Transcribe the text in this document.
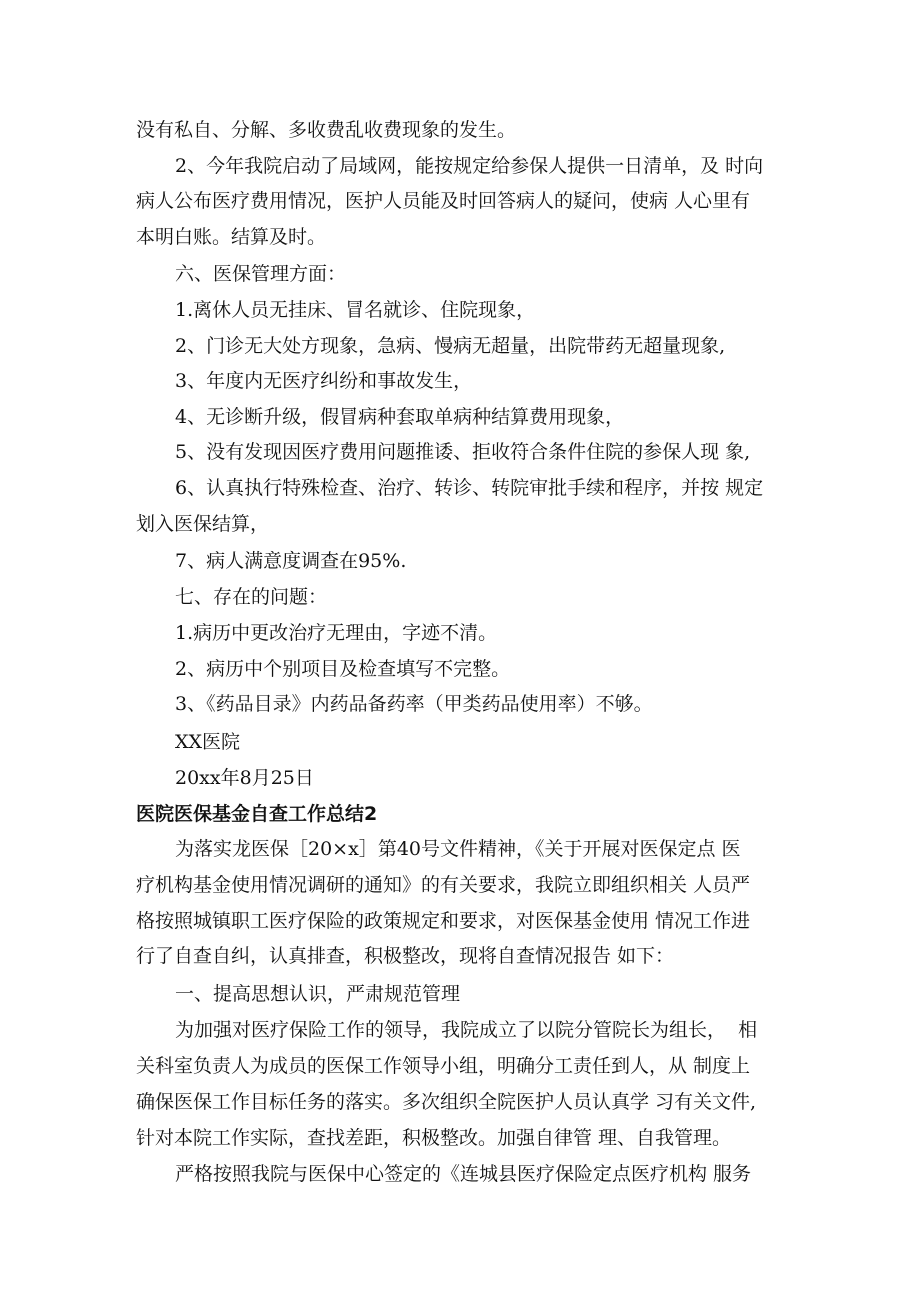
没有私自、分解、多收费乱收费现象的发生。
2、今年我院启动了局域网，能按规定给参保人提供一日清单，及 时向
病人公布医疗费用情况，医护人员能及时回答病人的疑问，使病 人心里有
本明白账。结算及时。
六、医保管理方面：
1.离休人员无挂床、冒名就诊、住院现象，
2、门诊无大处方现象，急病、慢病无超量，出院带药无超量现象,
3、年度内无医疗纠纷和事故发生，
4、无诊断升级，假冒病种套取单病种结算费用现象，
5、没有发现因医疗费用问题推诿、拒收符合条件住院的参保人现 象,
6、认真执行特殊检查、治疗、转诊、转院审批手续和程序，并按 规定
划入医保结算，
7、病人满意度调查在95%.
七、存在的问题：
1.病历中更改治疗无理由，字迹不清。
2、病历中个别项目及检查填写不完整。
3、《药品目录》内药品备药率（甲类药品使用率）不够。
XX医院
20xx年8月25日
医院医保基金自查工作总结2
为落实龙医保［20×x］第40号文件精神，《关于开展对医保定点 医
疗机构基金使用情况调研的通知》的有关要求，我院立即组织相关 人员严
格按照城镇职工医疗保险的政策规定和要求，对医保基金使用 情况工作进
行了自查自纠，认真排查，积极整改，现将自查情况报告 如下：
一、提高思想认识，严肃规范管理
为加强对医疗保险工作的领导，我院成立了以院分管院长为组长，  相
关科室负责人为成员的医保工作领导小组，明确分工责任到人，从 制度上
确保医保工作目标任务的落实。多次组织全院医护人员认真学 习有关文件,
针对本院工作实际，查找差距，积极整改。加强自律管 理、自我管理。
严格按照我院与医保中心签定的《连城县医疗保险定点医疗机构 服务
